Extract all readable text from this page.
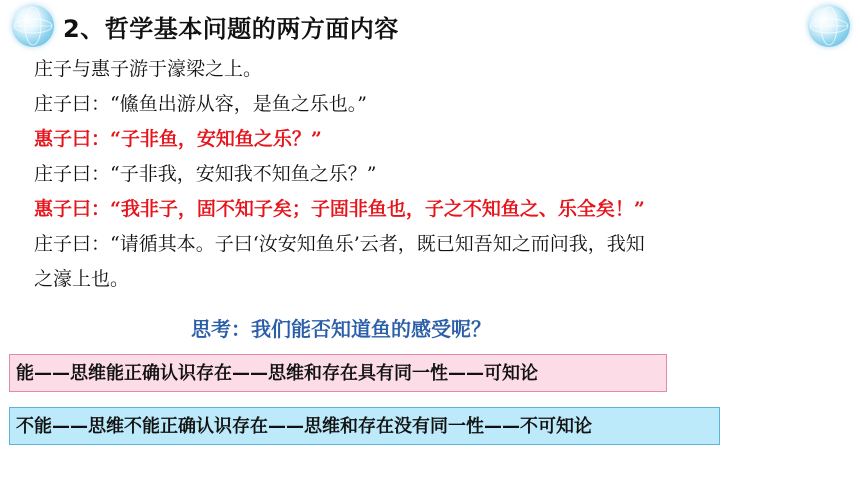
2、哲学基本问题的两方面内容
庄子与惠子游于濠梁之上。
庄子曰：“鯈鱼出游从容，是鱼之乐也。”
惠子曰：“子非鱼，安知鱼之乐？”
庄子曰：“子非我，安知我不知鱼之乐？”
惠子曰：“我非子，固不知子矣；子固非鱼也，子之不知鱼之、乐全矣！”
庄子曰：“请循其本。子曰‘汝安知鱼乐’云者，既已知吾知之而问我，我知
之濠上也。
思考：我们能否知道鱼的感受呢？
能——思维能正确认识存在——思维和存在具有同一性——可知论
不能——思维不能正确认识存在——思维和存在没有同一性——不可知论
